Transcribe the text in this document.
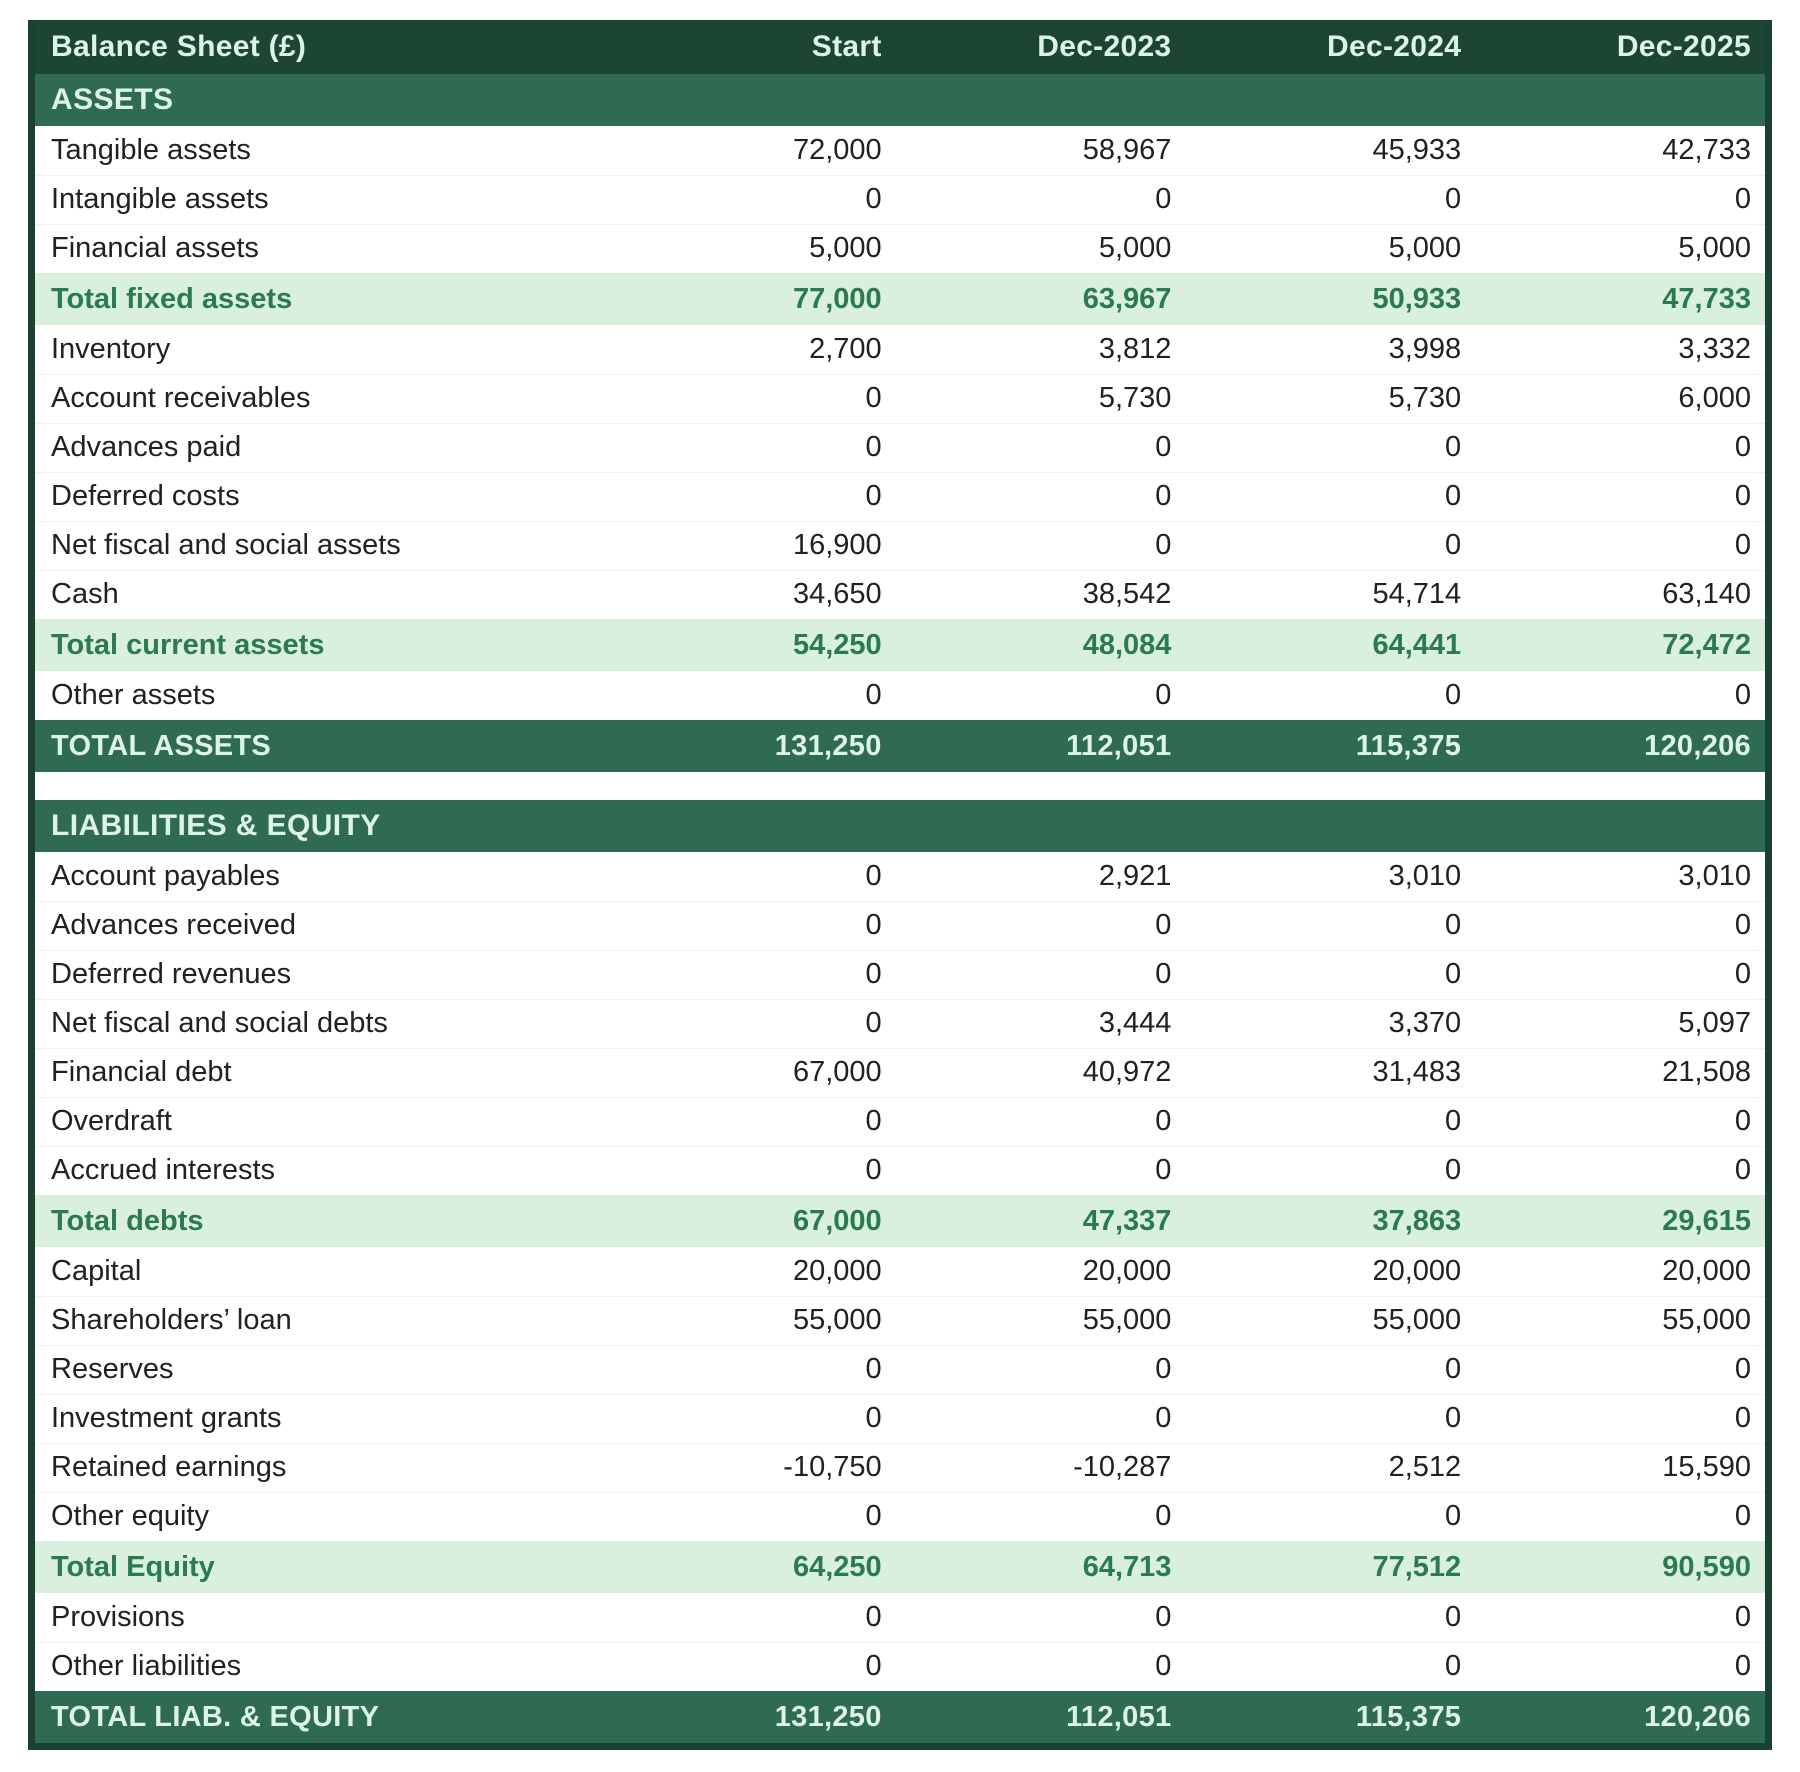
Balance Sheet (£)	Start	Dec-2023	Dec-2024	Dec-2025
ASSETS				
Tangible assets	72,000	58,967	45,933	42,733
Intangible assets	0	0	0	0
Financial assets	5,000	5,000	5,000	5,000
Total fixed assets	77,000	63,967	50,933	47,733
Inventory	2,700	3,812	3,998	3,332
Account receivables	0	5,730	5,730	6,000
Advances paid	0	0	0	0
Deferred costs	0	0	0	0
Net fiscal and social assets	16,900	0	0	0
Cash	34,650	38,542	54,714	63,140
Total current assets	54,250	48,084	64,441	72,472
Other assets	0	0	0	0
TOTAL ASSETS	131,250	112,051	115,375	120,206

LIABILITIES & EQUITY				
Account payables	0	2,921	3,010	3,010
Advances received	0	0	0	0
Deferred revenues	0	0	0	0
Net fiscal and social debts	0	3,444	3,370	5,097
Financial debt	67,000	40,972	31,483	21,508
Overdraft	0	0	0	0
Accrued interests	0	0	0	0
Total debts	67,000	47,337	37,863	29,615
Capital	20,000	20,000	20,000	20,000
Shareholders’ loan	55,000	55,000	55,000	55,000
Reserves	0	0	0	0
Investment grants	0	0	0	0
Retained earnings	-10,750	-10,287	2,512	15,590
Other equity	0	0	0	0
Total Equity	64,250	64,713	77,512	90,590
Provisions	0	0	0	0
Other liabilities	0	0	0	0
TOTAL LIAB. & EQUITY	131,250	112,051	115,375	120,206
